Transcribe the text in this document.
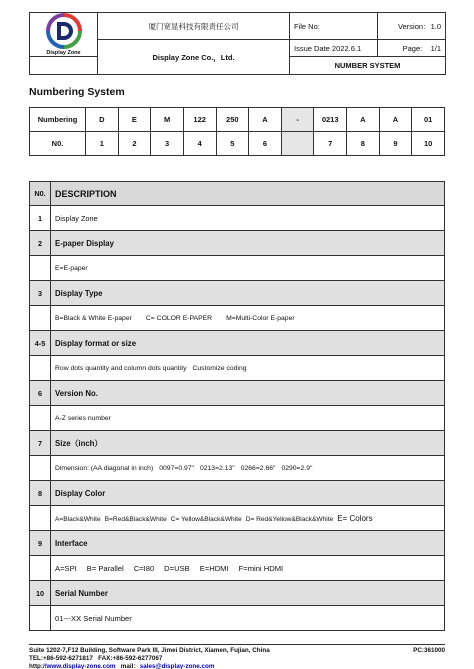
Display Zone	厦门宽显科技有限责任公司	File No:	Version：1.0
	Display Zone Co.，Ltd.	Issue Date 2022.6.1	Page: 1/1
		NUMBER SYSTEM	
Numbering System
Numbering	D	E	M	122	250	A	-	0213	A	A	01
N0.	1	2	3	4	5	6		7	8	9	10
N0.	DESCRIPTION
1	Display Zone
2	E-paper Display
	E=E-paper
3	Display Type
	B=Black & White E-paper C= COLOR E-PAPER M=Multi-Color E-paper
4-5	Display format or size
	Row dots quantity and column dots quantity Customize coding
6	Version No.
	A-Z series number
7	Size（inch）
	Dimension: (AA diagonal in inch) 0097=0.97" 0213=2.13" 0266=2.66" 0290=2.9"
8	Display Color
	A=Black&White B=Red&Black&White C= Yellow&Black&White D= Red&Yellow&Black&White E= Colors
9	Interface
	A=SPI B= Parallel C=I80 D=USB E=HDMI F=mini HDMI
10	Serial Number
	01---XX Serial Number
Suite 1202-7,F12 Building, Software Park III, Jimei District, Xiamen, Fujian, China	PC:361000
TEL:+86-592-6271817 FAX:+86-592-6277067
http://www.display-zone.com mail：sales@display-zone.com
